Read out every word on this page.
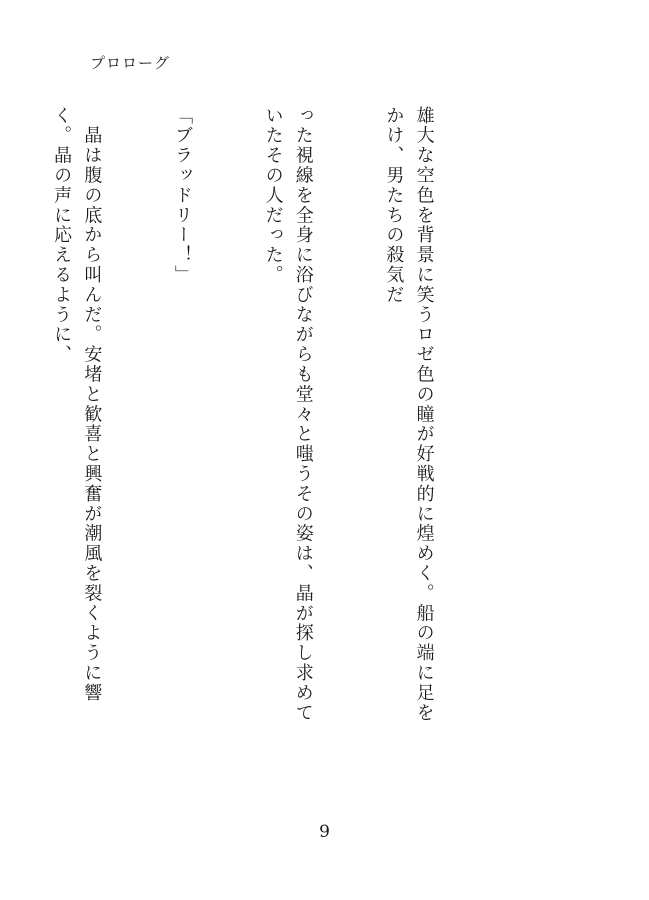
プロローグ

雄大な空色を背景に笑うロゼ色の瞳が好戦的に煌めく。船の端に足をかけ、男たちの殺気だ

った視線を全身に浴びながらも堂々と嗤うその姿は、晶が探し求めていたその人だった。

「ブラッドリー！」

　晶は腹の底から叫んだ。安堵と歓喜と興奮が潮風を裂くように響く。晶の声に応えるように、

9
